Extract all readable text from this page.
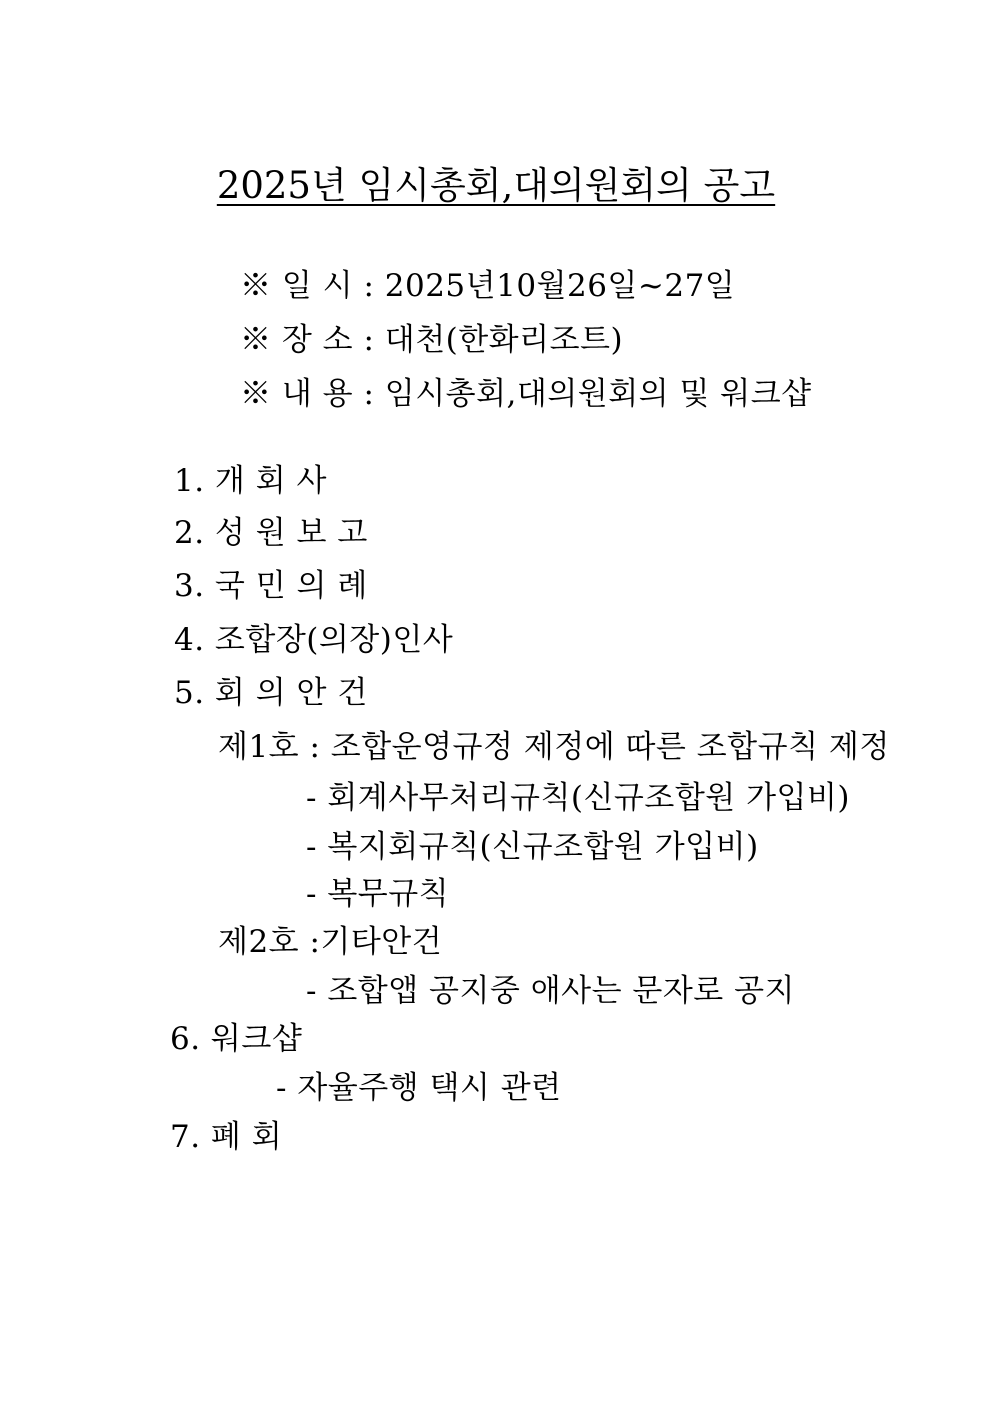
2025년 임시총회,대의원회의 공고
※ 일 시 : 2025년10월26일~27일
※ 장 소 : 대천(한화리조트)
※ 내 용 : 임시총회,대의원회의 및 워크샵
1. 개 회 사
2. 성 원 보 고
3. 국 민 의 례
4. 조합장(의장)인사
5. 회 의 안 건
제1호 : 조합운영규정 제정에 따른 조합규칙 제정
- 회계사무처리규칙(신규조합원 가입비)
- 복지회규칙(신규조합원 가입비)
- 복무규칙
제2호 :기타안건
- 조합앱 공지중 애사는 문자로 공지
6. 워크샵
- 자율주행 택시 관련
7. 폐 회
